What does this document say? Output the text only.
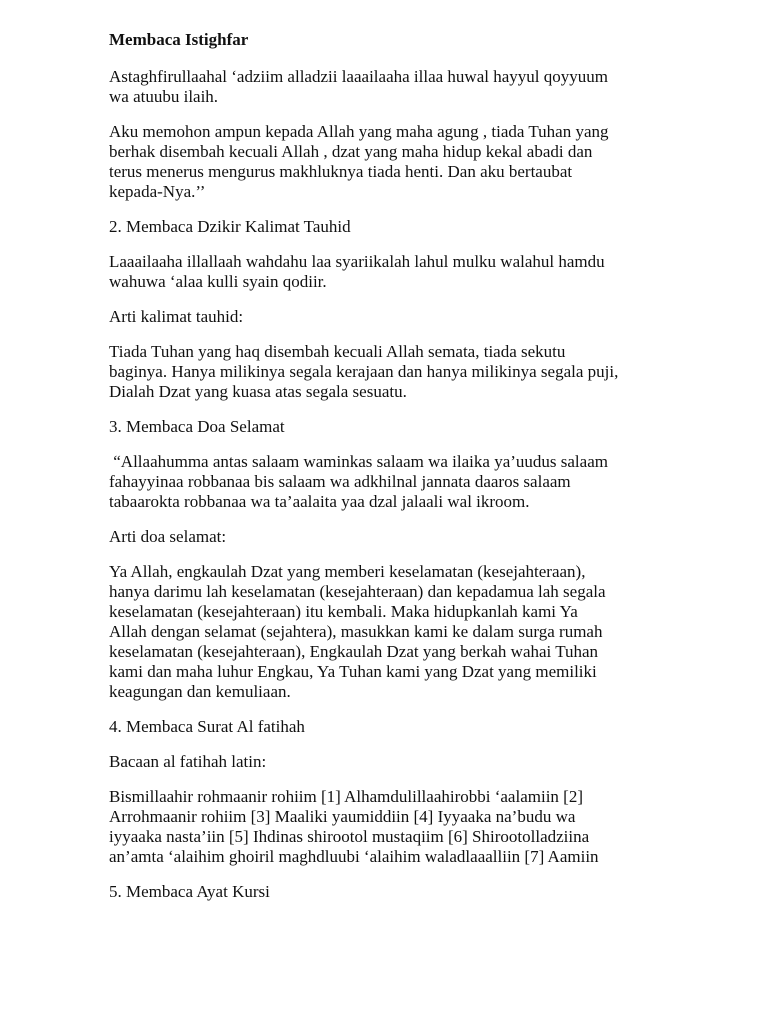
Membaca Istighfar

Astaghfirullaahal ‘adziim alladzii laaailaaha illaa huwal hayyul qoyyuum
wa atuubu ilaih.

Aku memohon ampun kepada Allah yang maha agung , tiada Tuhan yang
berhak disembah kecuali Allah , dzat yang maha hidup kekal abadi dan
terus menerus mengurus makhluknya tiada henti. Dan aku bertaubat
kepada-Nya.’’

2. Membaca Dzikir Kalimat Tauhid

Laaailaaha illallaah wahdahu laa syariikalah lahul mulku walahul hamdu
wahuwa ‘alaa kulli syain qodiir.

Arti kalimat tauhid:

Tiada Tuhan yang haq disembah kecuali Allah semata, tiada sekutu
baginya. Hanya milikinya segala kerajaan dan hanya milikinya segala puji,
Dialah Dzat yang kuasa atas segala sesuatu.

3. Membaca Doa Selamat

“Allaahumma antas salaam waminkas salaam wa ilaika ya’uudus salaam
fahayyinaa robbanaa bis salaam wa adkhilnal jannata daaros salaam
tabaarokta robbanaa wa ta’aalaita yaa dzal jalaali wal ikroom.

Arti doa selamat:

Ya Allah, engkaulah Dzat yang memberi keselamatan (kesejahteraan),
hanya darimu lah keselamatan (kesejahteraan) dan kepadamua lah segala
keselamatan (kesejahteraan) itu kembali. Maka hidupkanlah kami Ya
Allah dengan selamat (sejahtera), masukkan kami ke dalam surga rumah
keselamatan (kesejahteraan), Engkaulah Dzat yang berkah wahai Tuhan
kami dan maha luhur Engkau, Ya Tuhan kami yang Dzat yang memiliki
keagungan dan kemuliaan.

4. Membaca Surat Al fatihah

Bacaan al fatihah latin:

Bismillaahir rohmaanir rohiim [1] Alhamdulillaahirobbi ‘aalamiin [2]
Arrohmaanir rohiim [3] Maaliki yaumiddiin [4] Iyyaaka na’budu wa
iyyaaka nasta’iin [5] Ihdinas shirootol mustaqiim [6] Shirootolladziina
an’amta ‘alaihim ghoiril maghdluubi ‘alaihim waladlaaalliin [7] Aamiin

5. Membaca Ayat Kursi
